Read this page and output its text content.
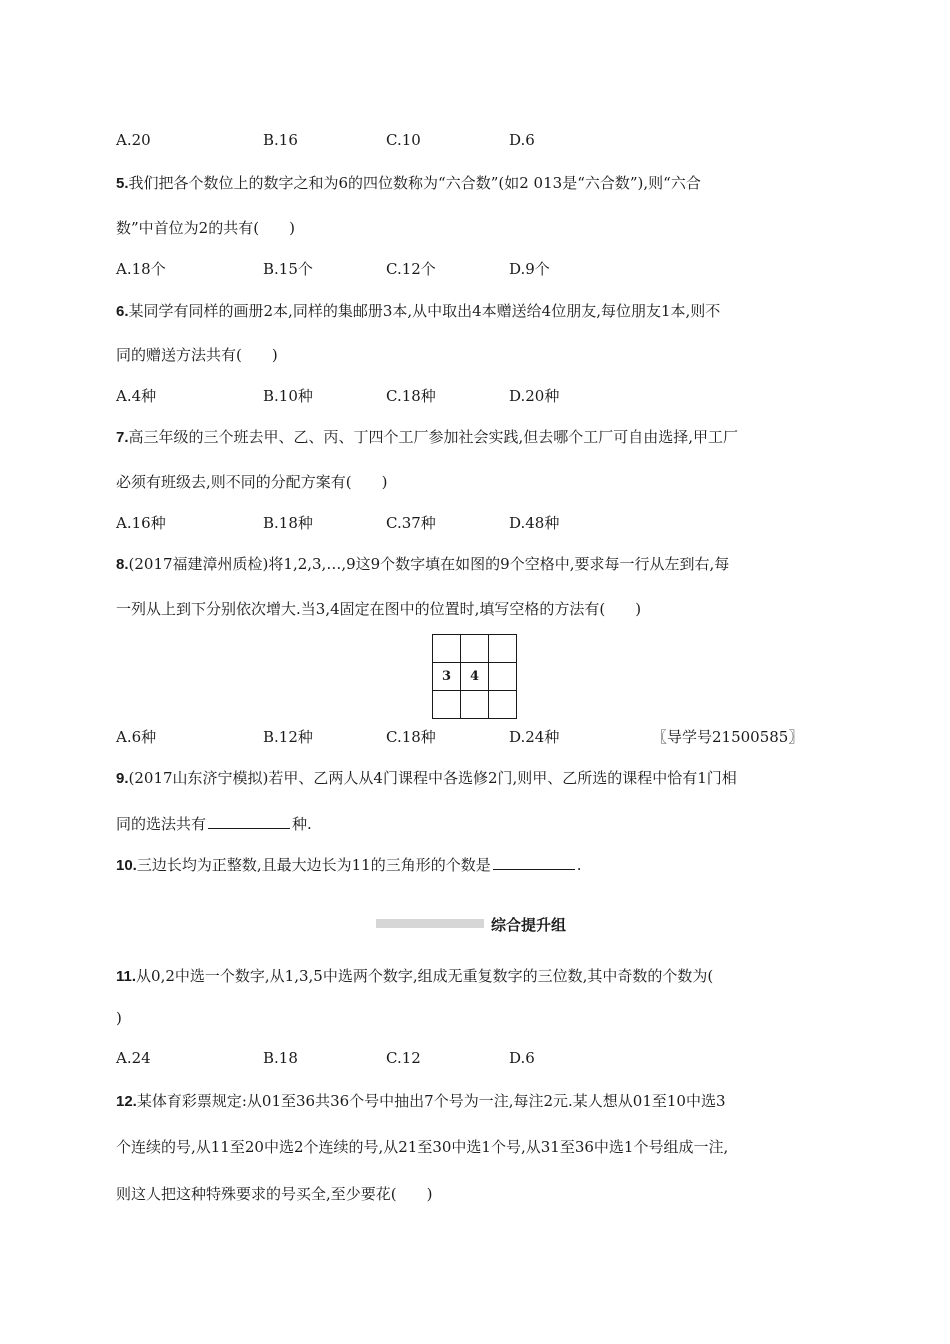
A.20	B.16	C.10	D.6
5.我们把各个数位上的数字之和为6的四位数称为“六合数”(如2 013是“六合数”),则“六合
数”中首位为2的共有(　　)
A.18个	B.15个	C.12个	D.9个
6.某同学有同样的画册2本,同样的集邮册3本,从中取出4本赠送给4位朋友,每位朋友1本,则不
同的赠送方法共有(　　)
A.4种	B.10种	C.18种	D.20种
7.高三年级的三个班去甲、乙、丙、丁四个工厂参加社会实践,但去哪个工厂可自由选择,甲工厂
必须有班级去,则不同的分配方案有(　　)
A.16种	B.18种	C.37种	D.48种
8.(2017福建漳州质检)将1,2,3,…,9这9个数字填在如图的9个空格中,要求每一行从左到右,每
一列从上到下分别依次增大.当3,4固定在图中的位置时,填写空格的方法有(　　)
3	4
A.6种	B.12种	C.18种	D.24种	〖导学号21500585〗
9.(2017山东济宁模拟)若甲、乙两人从4门课程中各选修2门,则甲、乙所选的课程中恰有1门相
同的选法共有	种.
10.三边长均为正整数,且最大边长为11的三角形的个数是	.
综合提升组
11.从0,2中选一个数字,从1,3,5中选两个数字,组成无重复数字的三位数,其中奇数的个数为(
)
A.24	B.18	C.12	D.6
12.某体育彩票规定:从01至36共36个号中抽出7个号为一注,每注2元.某人想从01至10中选3
个连续的号,从11至20中选2个连续的号,从21至30中选1个号,从31至36中选1个号组成一注,
则这人把这种特殊要求的号买全,至少要花(　　)
